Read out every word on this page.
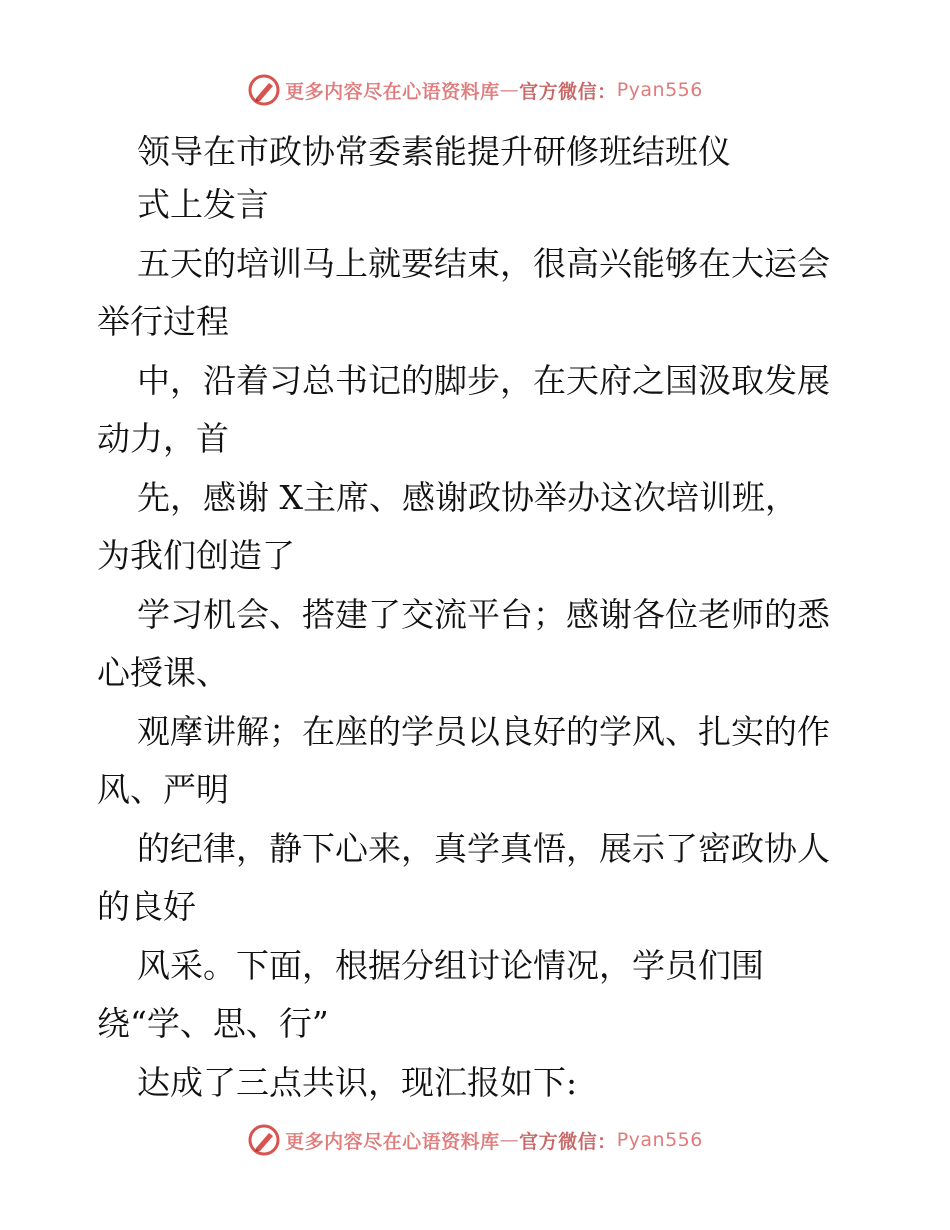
更多内容尽在心语资料库 — 官方微信： Pyan556
领导在市政协常委素能提升研修班结班仪
式上发言
五天的培训马上就要结束，很高兴能够在大运会
举行过程
中，沿着习总书记的脚步，在天府之国汲取发展
动力，首
先，感谢 X主席、感谢政协举办这次培训班，
为我们创造了
学习机会、搭建了交流平台；感谢各位老师的悉
心授课、
观摩讲解；在座的学员以良好的学风、扎实的作
风、严明
的纪律，静下心来，真学真悟，展示了密政协人
的良好
风采。下面，根据分组讨论情况，学员们围
绕“学、思、行”
达成了三点共识，现汇报如下:
更多内容尽在心语资料库 — 官方微信： Pyan556
